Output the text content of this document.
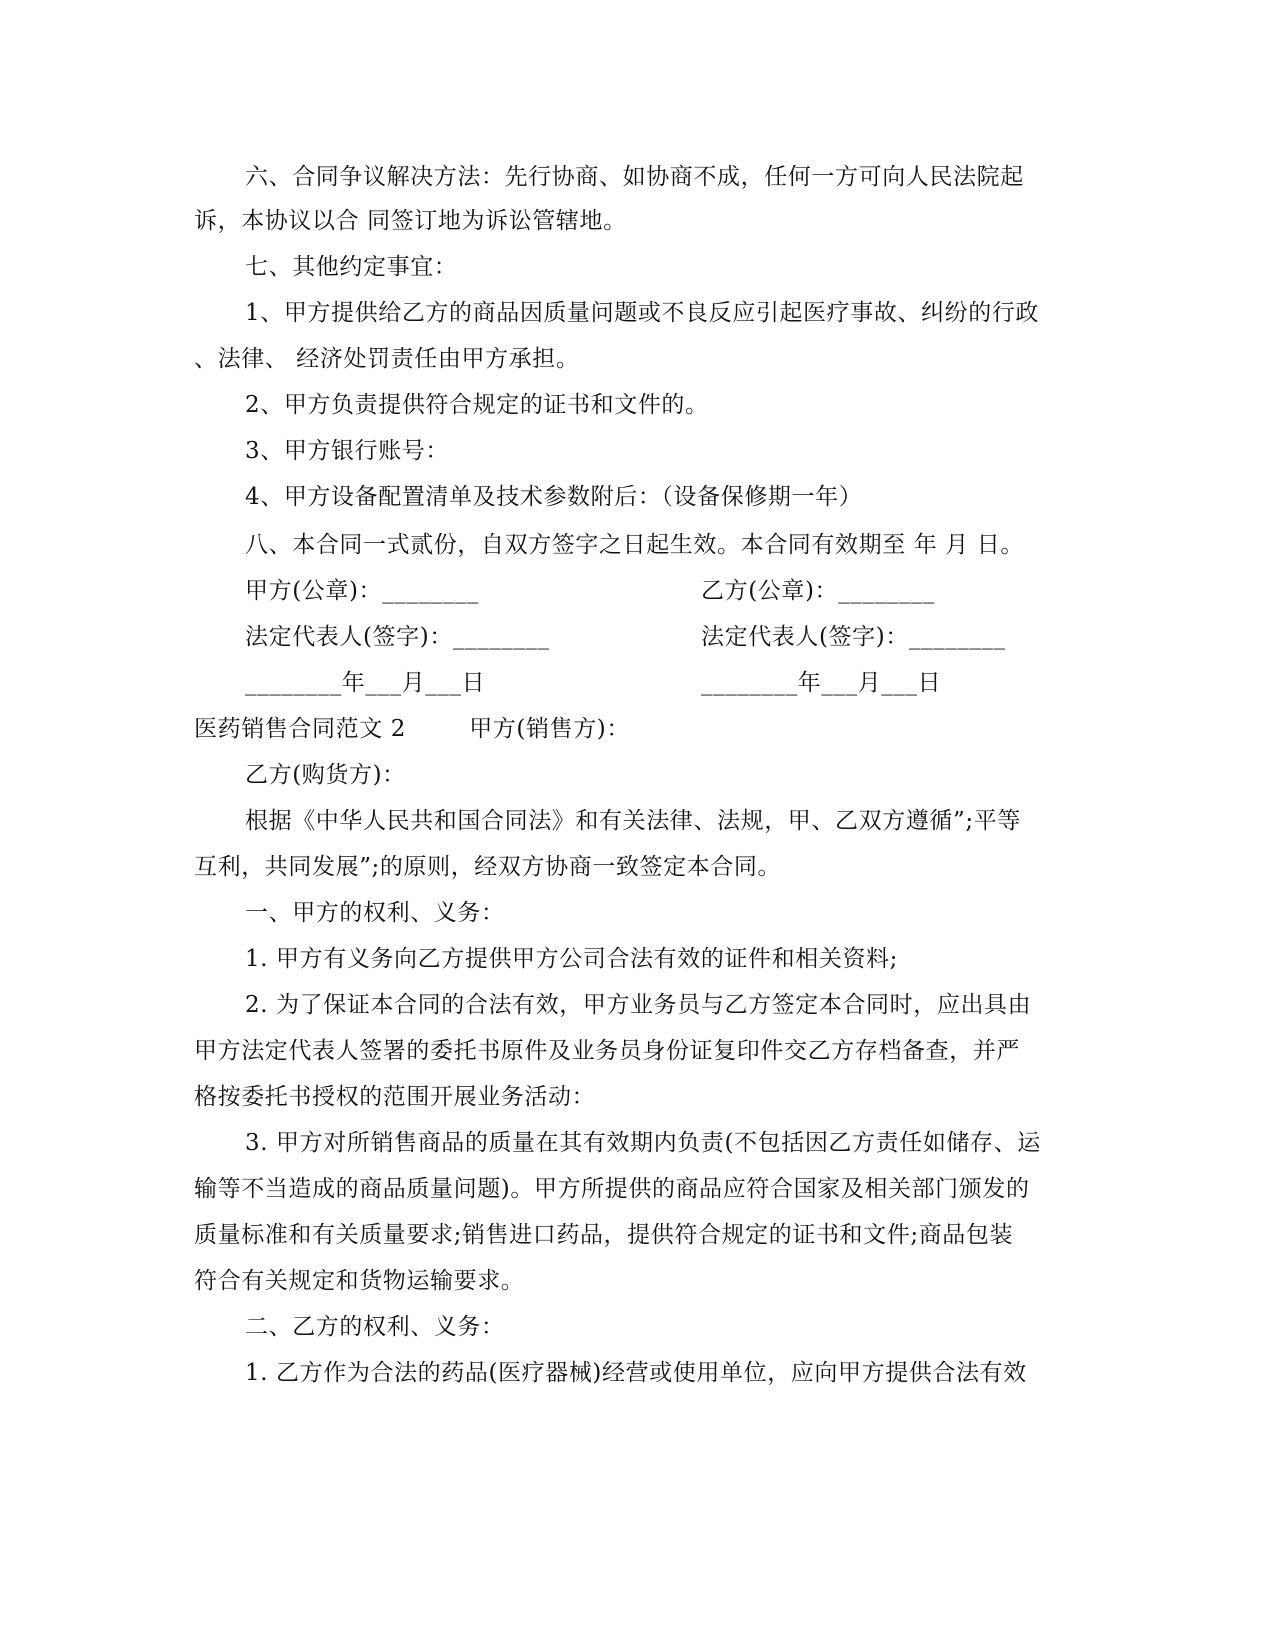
六、合同争议解决方法：先行协商、如协商不成，任何一方可向人民法院起
诉，本协议以合 同签订地为诉讼管辖地。
七、其他约定事宜：
1、甲方提供给乙方的商品因质量问题或不良反应引起医疗事故、纠纷的行政
、法律、 经济处罚责任由甲方承担。
2、甲方负责提供符合规定的证书和文件的。
3、甲方银行账号：
4、甲方设备配置清单及技术参数附后：（设备保修期一年）
八、本合同一式贰份，自双方签字之日起生效。本合同有效期至 年 月 日。
甲方(公章)：________	乙方(公章)：________
法定代表人(签字)：________	法定代表人(签字)：________
________年___月___日	________年___月___日
医药销售合同范文 2        甲方(销售方)：
乙方(购货方)：
根据《中华人民共和国合同法》和有关法律、法规，甲、乙双方遵循”;平等
互利，共同发展”;的原则，经双方协商一致签定本合同。
一、甲方的权利、义务：
1. 甲方有义务向乙方提供甲方公司合法有效的证件和相关资料;
2. 为了保证本合同的合法有效，甲方业务员与乙方签定本合同时，应出具由
甲方法定代表人签署的委托书原件及业务员身份证复印件交乙方存档备查，并严
格按委托书授权的范围开展业务活动：
3. 甲方对所销售商品的质量在其有效期内负责(不包括因乙方责任如储存、运
输等不当造成的商品质量问题)。甲方所提供的商品应符合国家及相关部门颁发的
质量标准和有关质量要求;销售进口药品，提供符合规定的证书和文件;商品包装
符合有关规定和货物运输要求。
二、乙方的权利、义务：
1. 乙方作为合法的药品(医疗器械)经营或使用单位，应向甲方提供合法有效
